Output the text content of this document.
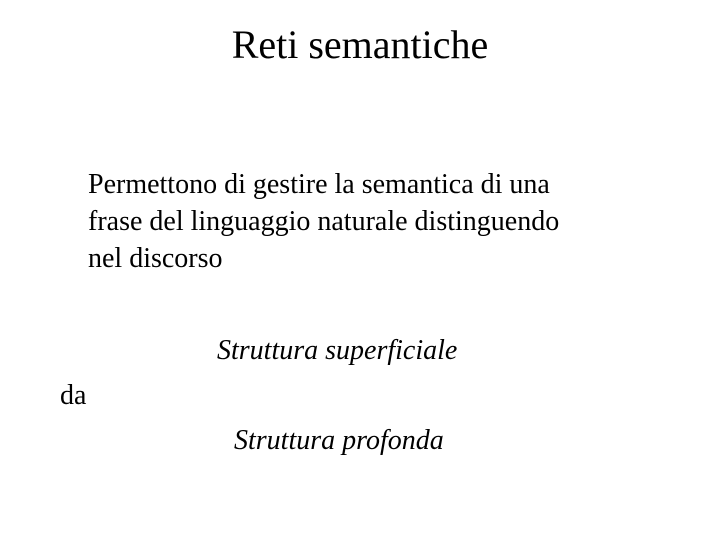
Reti semantiche
Permettono di gestire la semantica di una
frase del linguaggio naturale distinguendo
nel discorso
Struttura superficiale
da
Struttura profonda
